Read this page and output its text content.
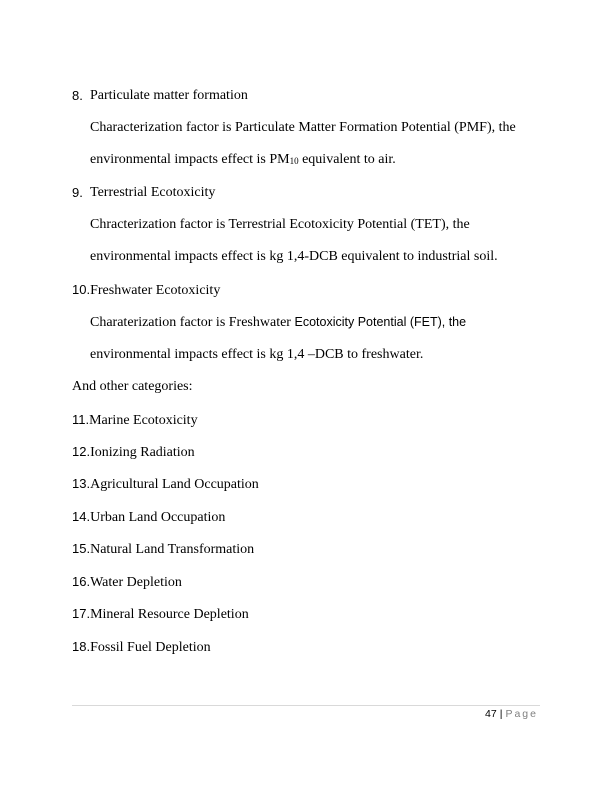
8. Particulate matter formation
Characterization factor is Particulate Matter Formation Potential (PMF), the
environmental impacts effect is $PM_{10}$ equivalent to air.
9. Terrestrial Ecotoxicity
Chracterization factor is Terrestrial Ecotoxicity Potential (TET), the
environmental impacts effect is kg 1,4-DCB equivalent to industrial soil.
10.Freshwater Ecotoxicity
Charaterization factor is Freshwater Ecotoxicity Potential (FET), the
environmental impacts effect is kg 1,4 –DCB to freshwater.
And other categories:
11.Marine Ecotoxicity
12.Ionizing Radiation
13.Agricultural Land Occupation
14.Urban Land Occupation
15.Natural Land Transformation
16.Water Depletion
17.Mineral Resource Depletion
18.Fossil Fuel Depletion
47 | Page
